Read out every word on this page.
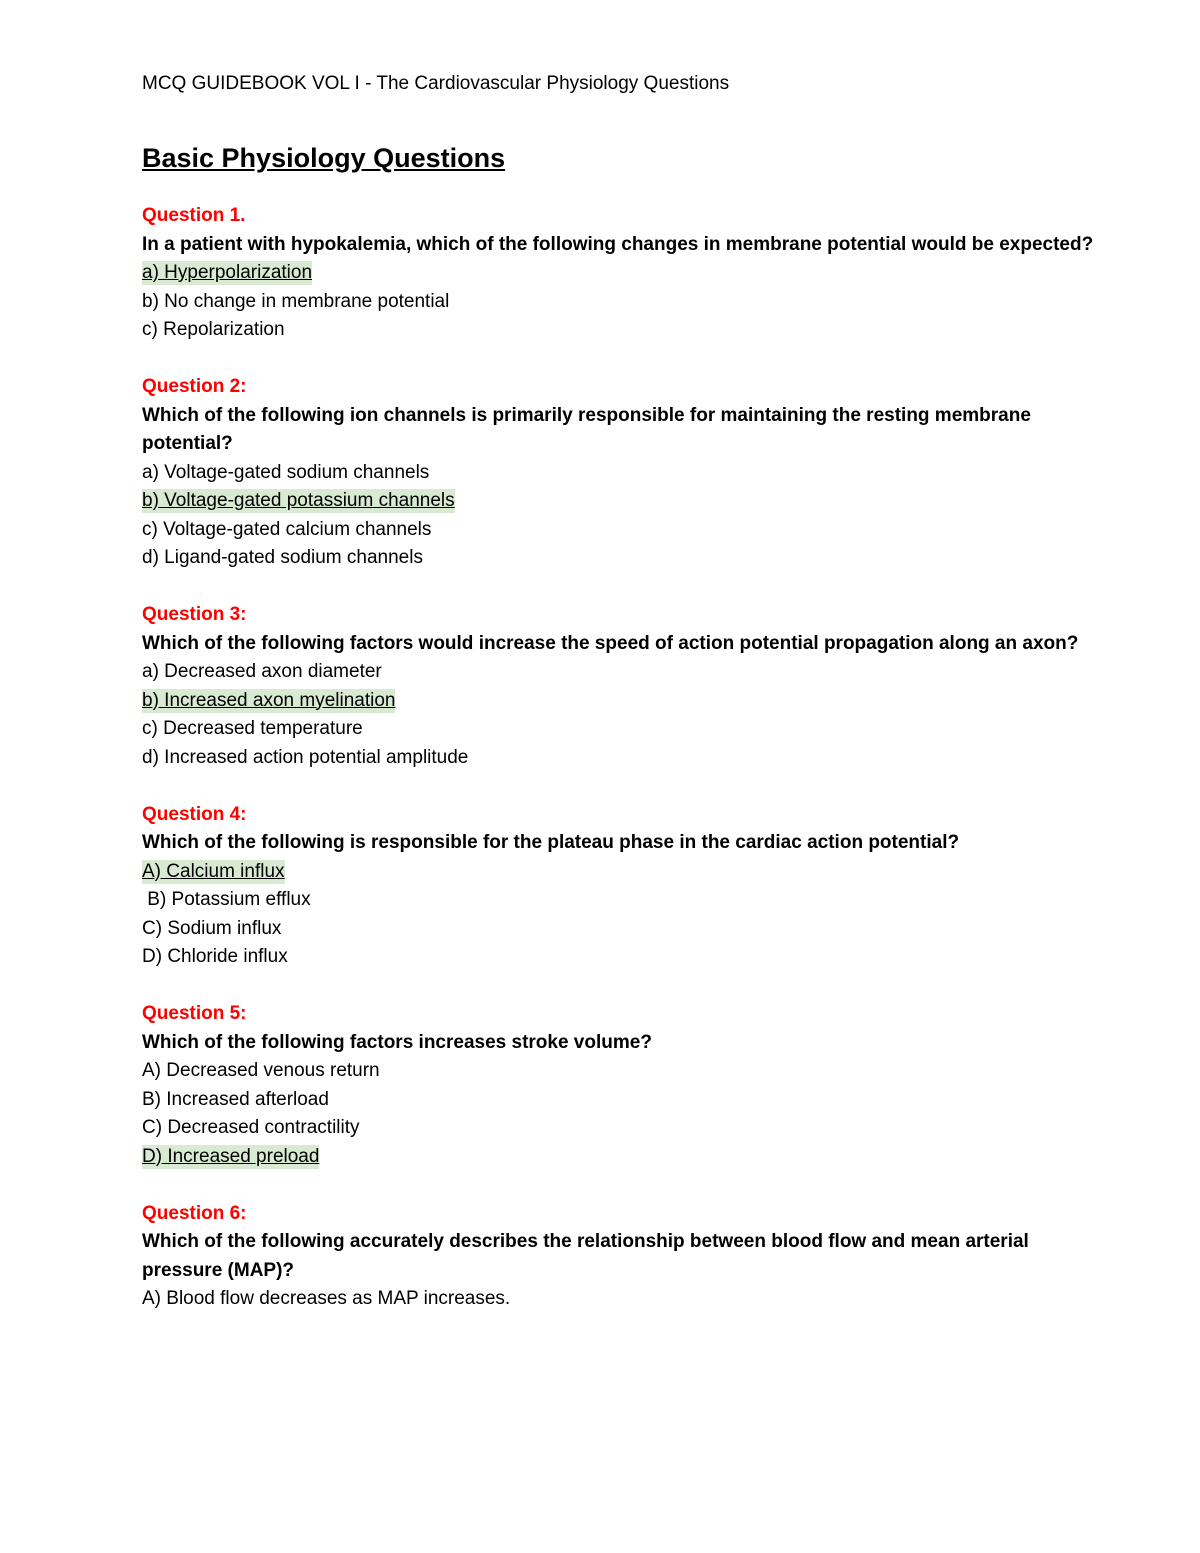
MCQ GUIDEBOOK VOL I - The Cardiovascular Physiology Questions

Basic Physiology Questions
Question 1.
In a patient with hypokalemia, which of the following changes in membrane potential would be expected?
a) Hyperpolarization
b) No change in membrane potential
c) Repolarization
Question 2:
Which of the following ion channels is primarily responsible for maintaining the resting membrane potential?
a) Voltage-gated sodium channels
b) Voltage-gated potassium channels
c) Voltage-gated calcium channels
d) Ligand-gated sodium channels
Question 3:
Which of the following factors would increase the speed of action potential propagation along an axon?
a) Decreased axon diameter
b) Increased axon myelination
c) Decreased temperature
d) Increased action potential amplitude
Question 4:
Which of the following is responsible for the plateau phase in the cardiac action potential?
A) Calcium influx
B) Potassium efflux
C) Sodium influx
D) Chloride influx
Question 5:
Which of the following factors increases stroke volume?
A) Decreased venous return
B) Increased afterload
C) Decreased contractility
D) Increased preload
Question 6:
Which of the following accurately describes the relationship between blood flow and mean arterial pressure (MAP)?
A) Blood flow decreases as MAP increases.
